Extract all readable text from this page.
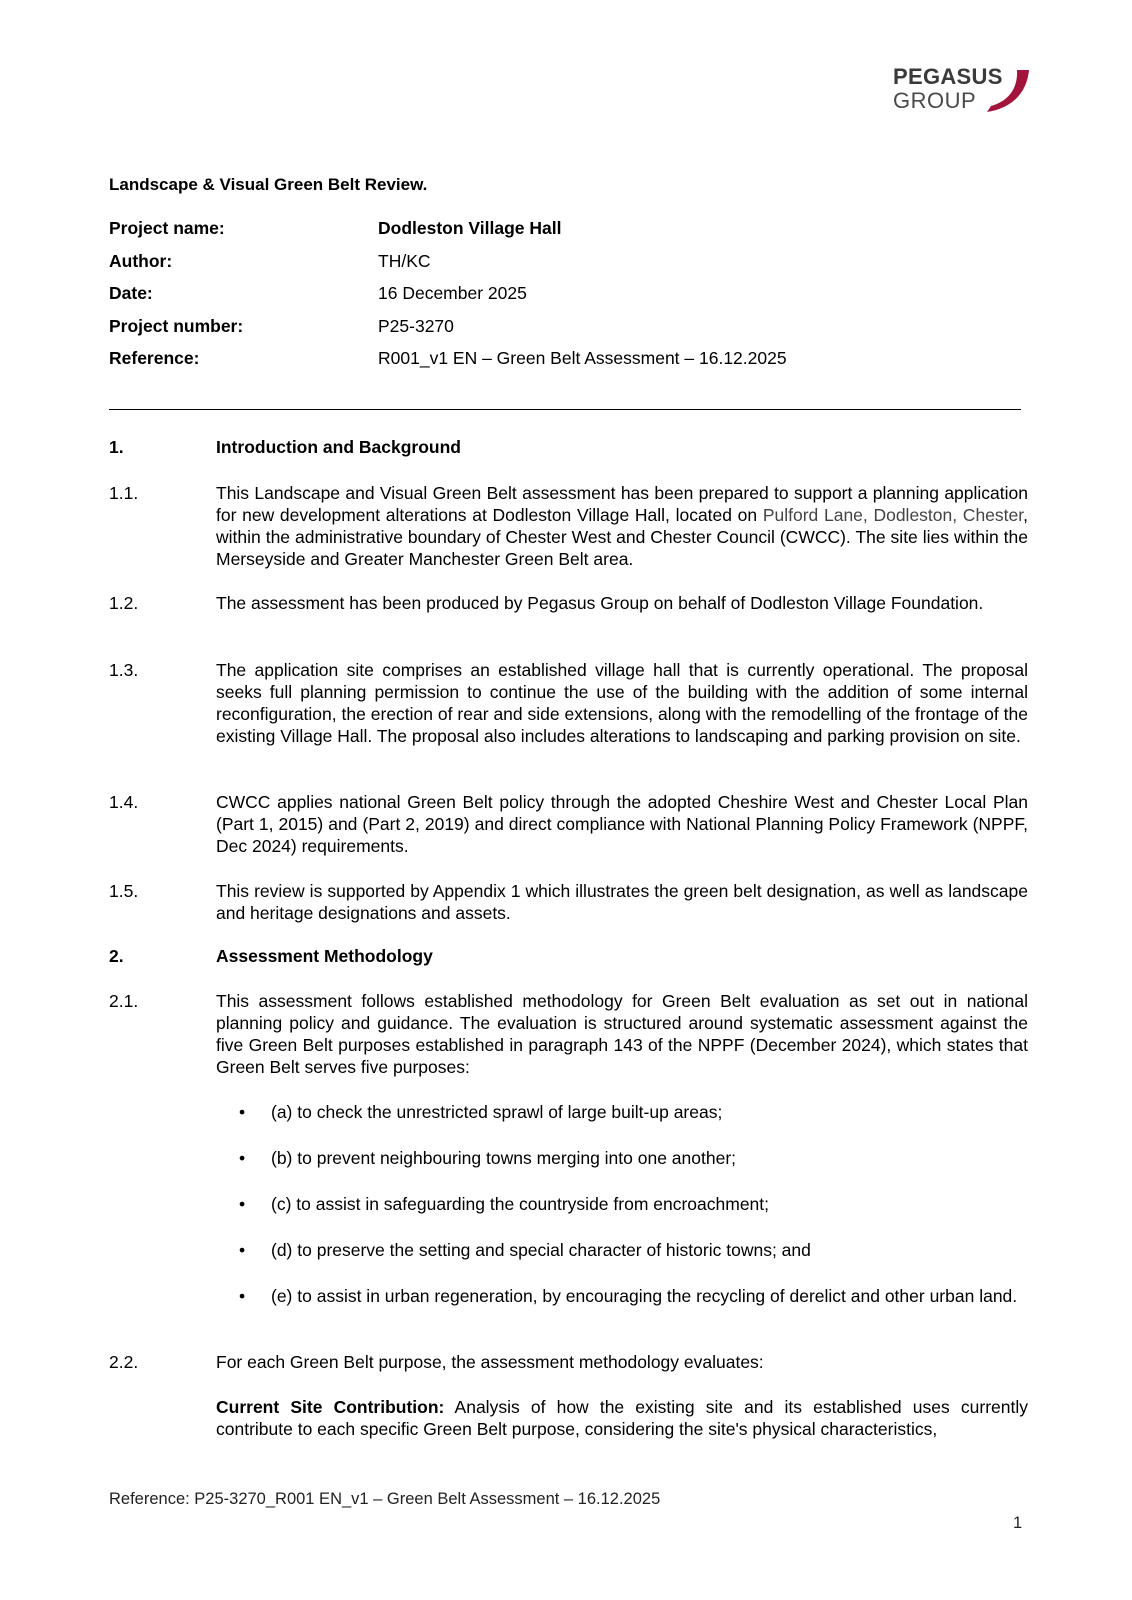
PEGASUS
GROUP
Landscape & Visual Green Belt Review.
Project name:	Dodleston Village Hall
Author:	TH/KC
Date:	16 December 2025
Project number:	P25-3270
Reference:	R001_v1 EN – Green Belt Assessment – 16.12.2025
1.	Introduction and Background
1.1.	This Landscape and Visual Green Belt assessment has been prepared to support a planning application for new development alterations at Dodleston Village Hall, located on Pulford Lane, Dodleston, Chester, within the administrative boundary of Chester West and Chester Council (CWCC). The site lies within the Merseyside and Greater Manchester Green Belt area.
1.2.	The assessment has been produced by Pegasus Group on behalf of Dodleston Village Foundation.
1.3.	The application site comprises an established village hall that is currently operational. The proposal seeks full planning permission to continue the use of the building with the addition of some internal reconfiguration, the erection of rear and side extensions, along with the remodelling of the frontage of the existing Village Hall. The proposal also includes alterations to landscaping and parking provision on site.
1.4.	CWCC applies national Green Belt policy through the adopted Cheshire West and Chester Local Plan (Part 1, 2015) and (Part 2, 2019) and direct compliance with National Planning Policy Framework (NPPF, Dec 2024) requirements.
1.5.	This review is supported by Appendix 1 which illustrates the green belt designation, as well as landscape and heritage designations and assets.
2.	Assessment Methodology
2.1.	This assessment follows established methodology for Green Belt evaluation as set out in national planning policy and guidance. The evaluation is structured around systematic assessment against the five Green Belt purposes established in paragraph 143 of the NPPF (December 2024), which states that Green Belt serves five purposes:
• (a) to check the unrestricted sprawl of large built-up areas;
• (b) to prevent neighbouring towns merging into one another;
• (c) to assist in safeguarding the countryside from encroachment;
• (d) to preserve the setting and special character of historic towns; and
• (e) to assist in urban regeneration, by encouraging the recycling of derelict and other urban land.
2.2.	For each Green Belt purpose, the assessment methodology evaluates:
Current Site Contribution: Analysis of how the existing site and its established uses currently contribute to each specific Green Belt purpose, considering the site's physical characteristics,
Reference: P25-3270_R001 EN_v1 – Green Belt Assessment – 16.12.2025
1
